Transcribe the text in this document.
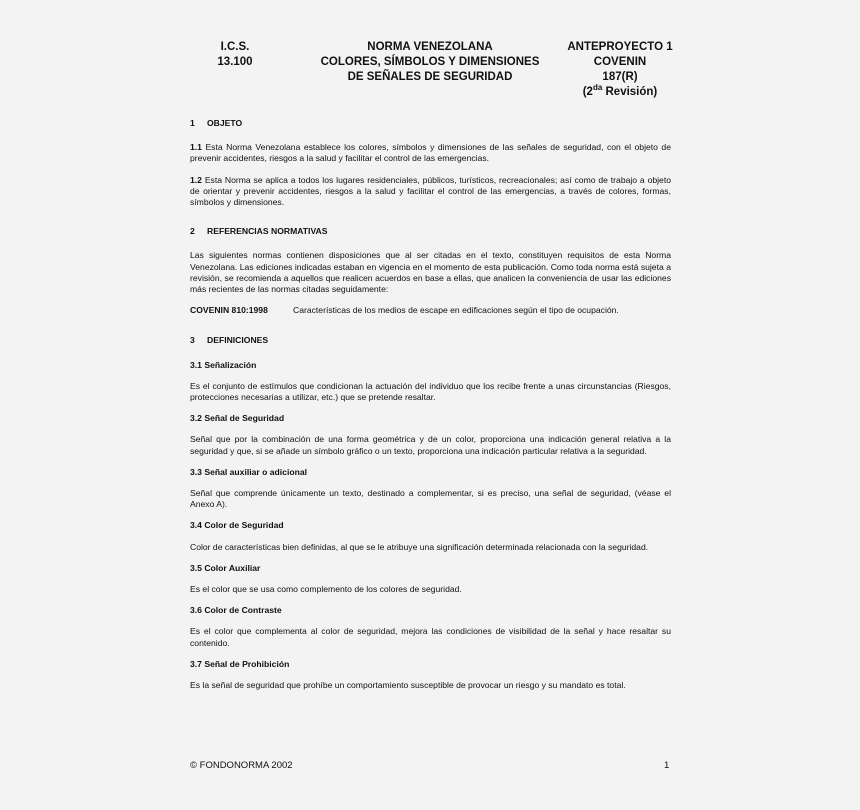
I.C.S.
13.100
NORMA VENEZOLANA
COLORES, SÍMBOLOS Y DIMENSIONES
DE SEÑALES DE SEGURIDAD
ANTEPROYECTO 1
COVENIN
187(R)
($2^{da}$ Revisión)
1 OBJETO

1.1 Esta Norma Venezolana establece los colores, símbolos y dimensiones de las señales de seguridad, con el objeto de prevenir accidentes, riesgos a la salud y facilitar el control de las emergencias.

1.2 Esta Norma se aplica a todos los lugares residenciales, públicos, turísticos, recreacionales; así como de trabajo a objeto de orientar y prevenir accidentes, riesgos a la salud y facilitar el control de las emergencias, a través de colores, formas, símbolos y dimensiones.

2 REFERENCIAS NORMATIVAS

Las siguientes normas contienen disposiciones que al ser citadas en el texto, constituyen requisitos de esta Norma Venezolana. Las ediciones indicadas estaban en vigencia en el momento de esta publicación. Como toda norma está sujeta a revisión, se recomienda a aquellos que realicen acuerdos en base a ellas, que analicen la conveniencia de usar las ediciones más recientes de las normas citadas seguidamente:

COVENIN 810:1998	Características de los medios de escape en edificaciones según el tipo de ocupación.
3 DEFINICIONES
3.1 Señalización

Es el conjunto de estímulos que condicionan la actuación del individuo que los recibe frente a unas circunstancias (Riesgos, protecciones necesarias a utilizar, etc.) que se pretende resaltar.

3.2 Señal de Seguridad

Señal que por la combinación de una forma geométrica y de un color, proporciona una indicación general relativa a la seguridad y que, si se añade un símbolo gráfico o un texto, proporciona una indicación particular relativa a la seguridad.

3.3 Señal auxiliar o adicional

Señal que comprende únicamente un texto, destinado a complementar, si es preciso, una señal de seguridad, (véase el Anexo A).

3.4 Color de Seguridad

Color de características bien definidas, al que se le atribuye una significación determinada relacionada con la seguridad.

3.5 Color Auxiliar

Es el color que se usa como complemento de los colores de seguridad.

3.6 Color de Contraste

Es el color que complementa al color de seguridad, mejora las condiciones de visibilidad de la señal y hace resaltar su contenido.

3.7 Señal de Prohibición

Es la señal de seguridad que prohíbe un comportamiento susceptible de provocar un riesgo y su mandato es total.

© FONDONORMA 2002	1
